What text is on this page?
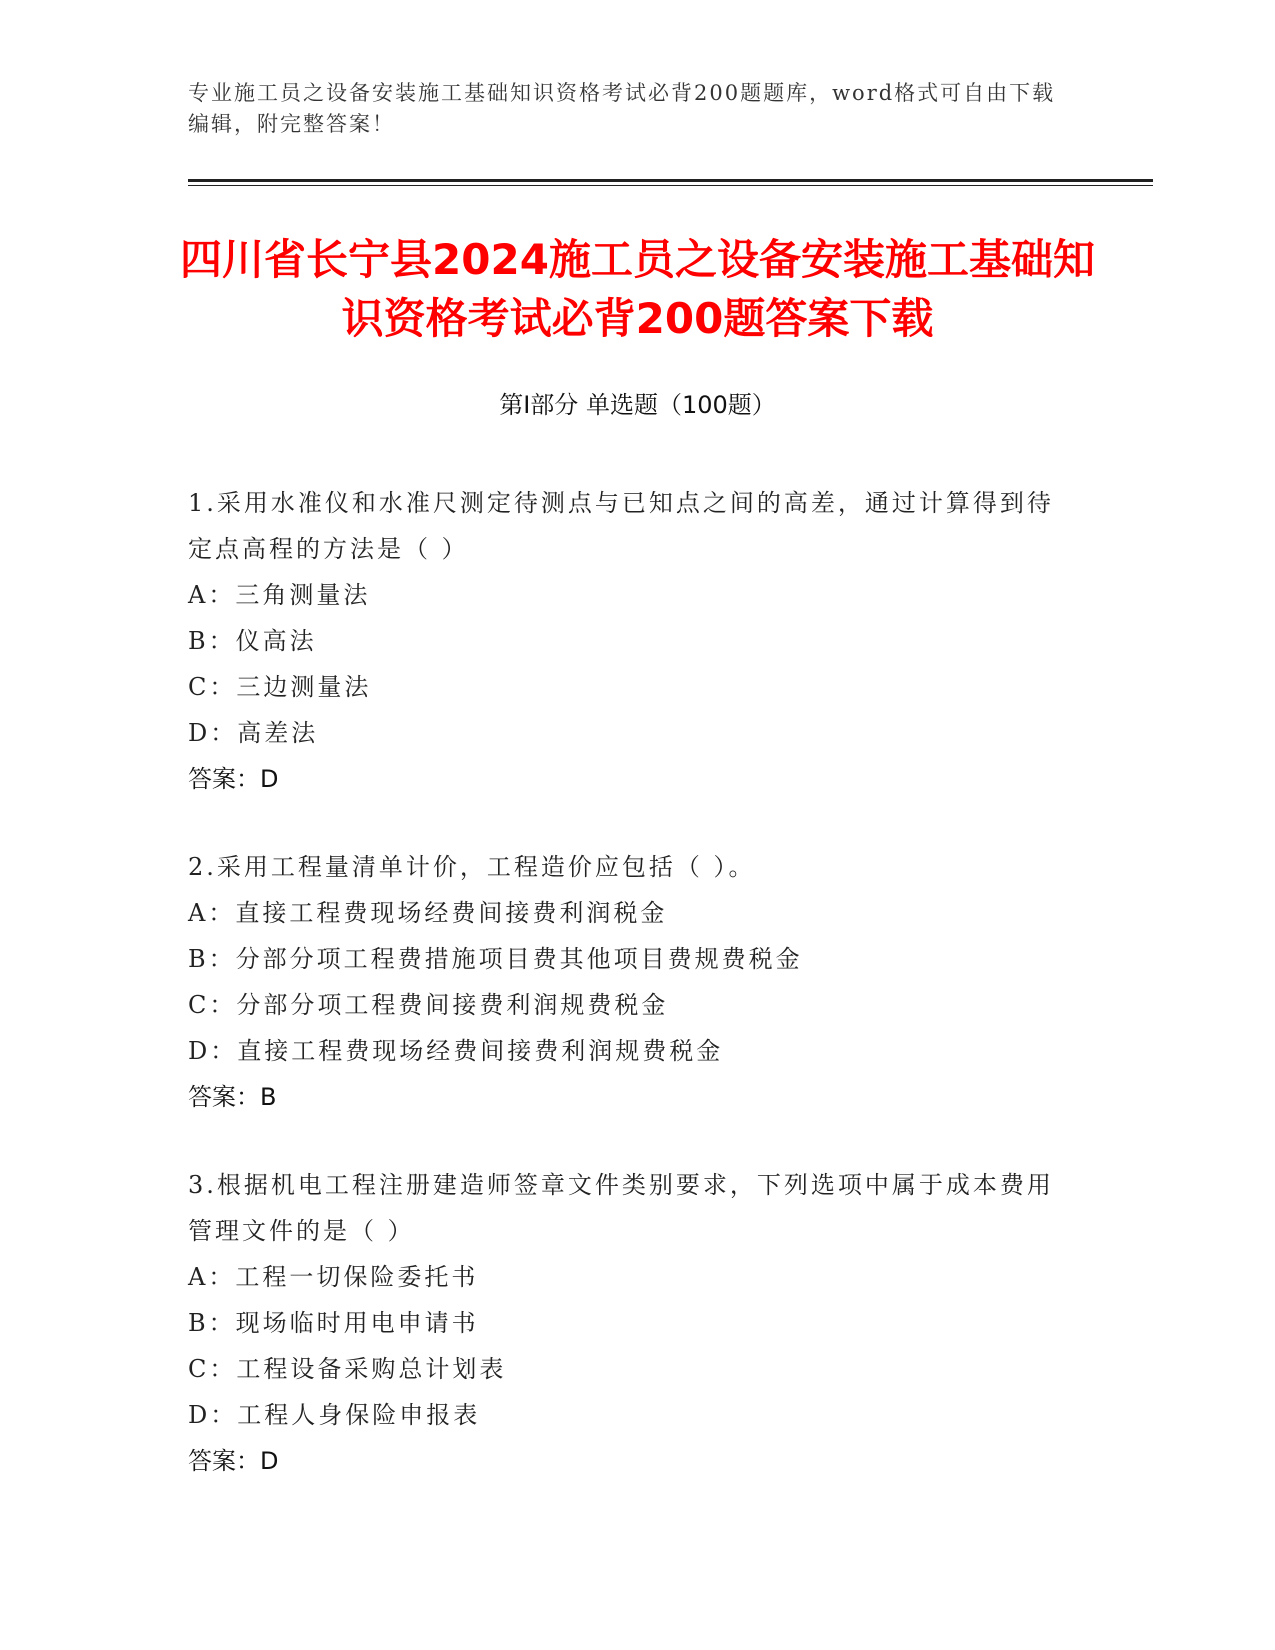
专业施工员之设备安装施工基础知识资格考试必背200题题库，word格式可自由下载编辑，附完整答案！
四川省长宁县2024施工员之设备安装施工基础知识资格考试必背200题答案下载
第Ⅰ部分 单选题（100题）
1.采用水准仪和水准尺测定待测点与已知点之间的高差，通过计算得到待定点高程的方法是（ ）
A：三角测量法
B：仪高法
C：三边测量法
D：高差法
答案：D
2.采用工程量清单计价，工程造价应包括（ ）。
A：直接工程费现场经费间接费利润税金
B：分部分项工程费措施项目费其他项目费规费税金
C：分部分项工程费间接费利润规费税金
D：直接工程费现场经费间接费利润规费税金
答案：B
3.根据机电工程注册建造师签章文件类别要求，下列选项中属于成本费用管理文件的是（ ）
A：工程一切保险委托书
B：现场临时用电申请书
C：工程设备采购总计划表
D：工程人身保险申报表
答案：D
